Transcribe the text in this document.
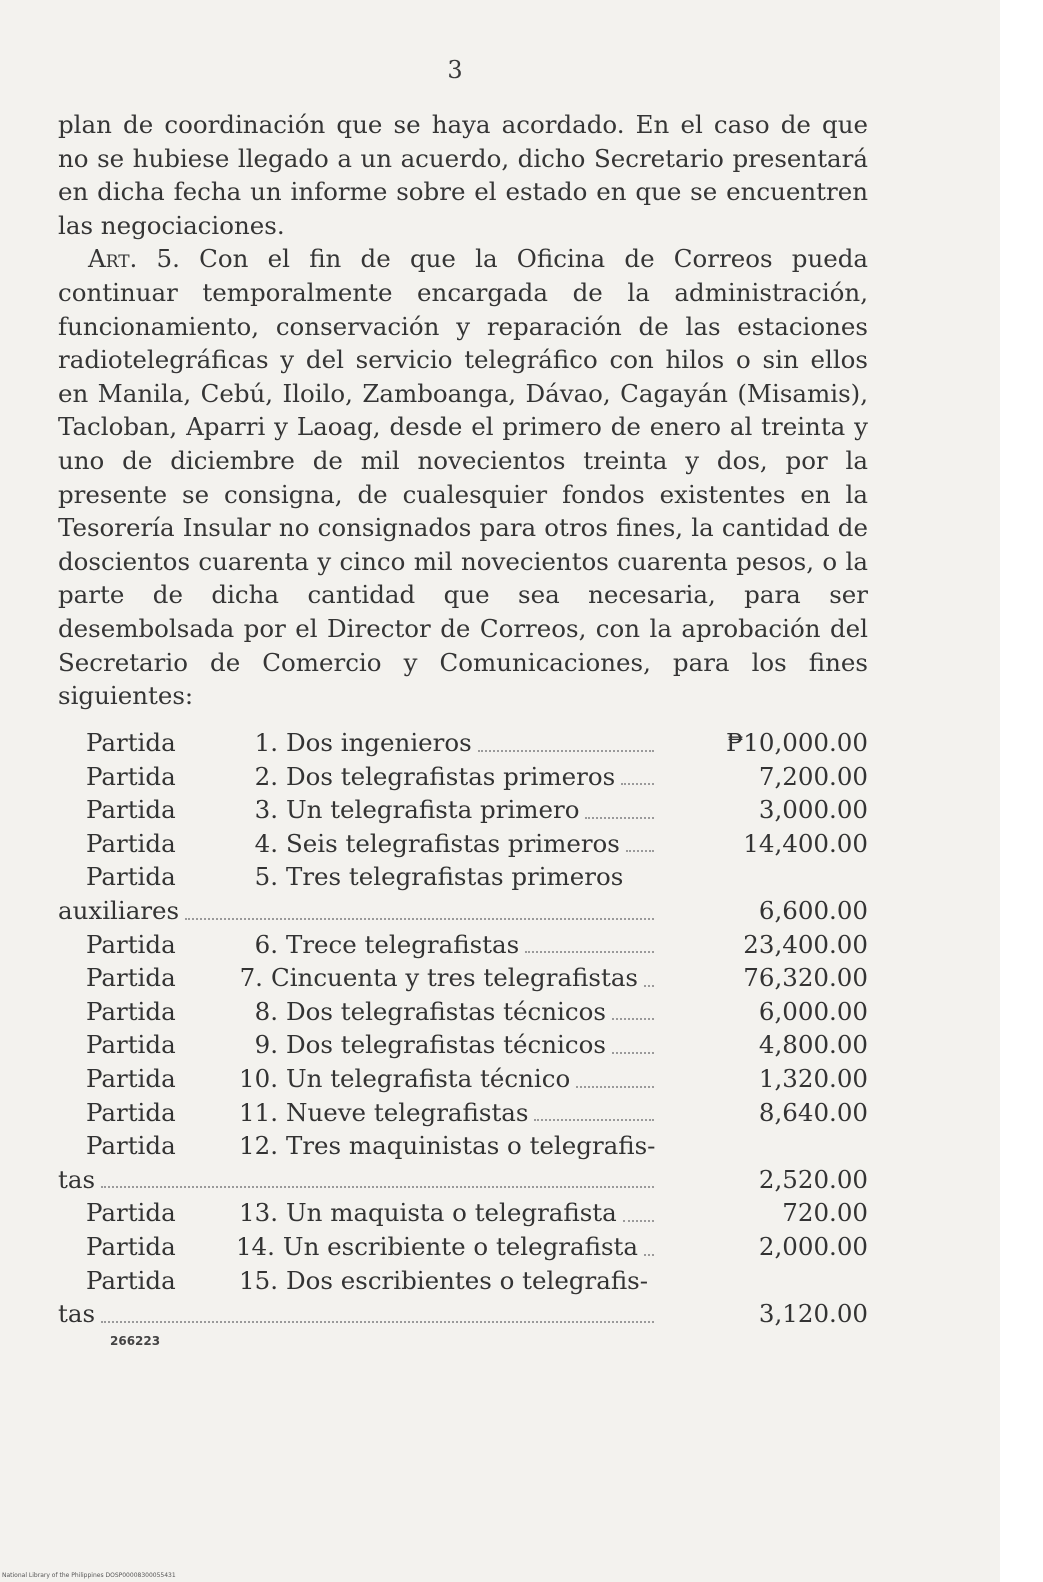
3

plan de coordinación que se haya acordado. En el caso de que no se hubiese llegado a un acuerdo, dicho Secretario presentará en dicha fecha un informe sobre el estado en que se encuentren las negociaciones.

Art. 5. Con el fin de que la Oficina de Correos pueda continuar temporalmente encargada de la administración, funcionamiento, conservación y reparación de las estaciones radiotelegráficas y del servicio telegráfico con hilos o sin ellos en Manila, Cebú, Iloilo, Zamboanga, Dávao, Cagayán (Misamis), Tacloban, Aparri y Laoag, desde el primero de enero al treinta y uno de diciembre de mil novecientos treinta y dos, por la presente se consigna, de cualesquier fondos existentes en la Tesorería Insular no consignados para otros fines, la cantidad de doscientos cuarenta y cinco mil novecientos cuarenta pesos, o la parte de dicha cantidad que sea necesaria, para ser desembolsada por el Director de Correos, con la aprobación del Secretario de Comercio y Comunicaciones, para los fines siguientes:

Partida	1. Dos ingenieros	₱10,000.00
Partida	2. Dos telegrafistas primeros	7,200.00
Partida	3. Un telegrafista primero	3,000.00
Partida	4. Seis telegrafistas primeros	14,400.00
Partida	5. Tres telegrafistas primeros
auxiliares	6,600.00
Partida	6. Trece telegrafistas	23,400.00
Partida	7. Cincuenta y tres telegrafistas	76,320.00
Partida	8. Dos telegrafistas técnicos	6,000.00
Partida	9. Dos telegrafistas técnicos	4,800.00
Partida	10. Un telegrafista técnico	1,320.00
Partida	11. Nueve telegrafistas	8,640.00
Partida	12. Tres maquinistas o telegrafis-
tas	2,520.00
Partida	13. Un maquista o telegrafista	720.00
Partida	14. Un escribiente o telegrafista	2,000.00
Partida	15. Dos escribientes o telegrafis-
tas	3,120.00
266223
National Library of the Philippines DOSP00008300055431
